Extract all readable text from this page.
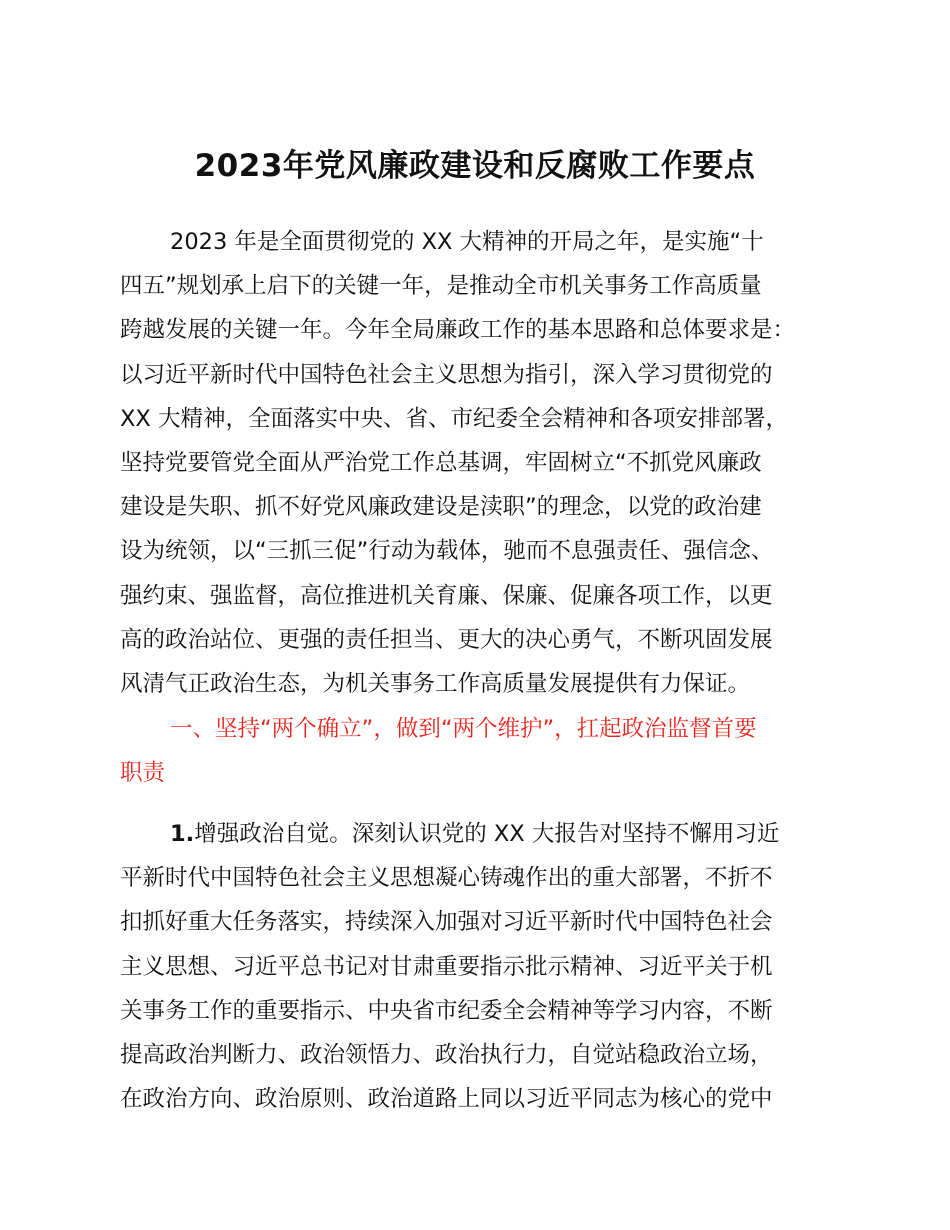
2023年党风廉政建设和反腐败工作要点
2023 年是全面贯彻党的 XX 大精神的开局之年，是实施“十
四五”规划承上启下的关键一年，是推动全市机关事务工作高质量
跨越发展的关键一年。今年全局廉政工作的基本思路和总体要求是：
以习近平新时代中国特色社会主义思想为指引，深入学习贯彻党的
XX 大精神，全面落实中央、省、市纪委全会精神和各项安排部署，
坚持党要管党全面从严治党工作总基调，牢固树立“不抓党风廉政
建设是失职、抓不好党风廉政建设是渎职”的理念，以党的政治建
设为统领，以“三抓三促”行动为载体，驰而不息强责任、强信念、
强约束、强监督，高位推进机关育廉、保廉、促廉各项工作，以更
高的政治站位、更强的责任担当、更大的决心勇气，不断巩固发展
风清气正政治生态，为机关事务工作高质量发展提供有力保证。
一、坚持“两个确立”，做到“两个维护”，扛起政治监督首要
职责
1.增强政治自觉。深刻认识党的 XX 大报告对坚持不懈用习近
平新时代中国特色社会主义思想凝心铸魂作出的重大部署，不折不
扣抓好重大任务落实，持续深入加强对习近平新时代中国特色社会
主义思想、习近平总书记对甘肃重要指示批示精神、习近平关于机
关事务工作的重要指示、中央省市纪委全会精神等学习内容，不断
提高政治判断力、政治领悟力、政治执行力，自觉站稳政治立场，
在政治方向、政治原则、政治道路上同以习近平同志为核心的党中
